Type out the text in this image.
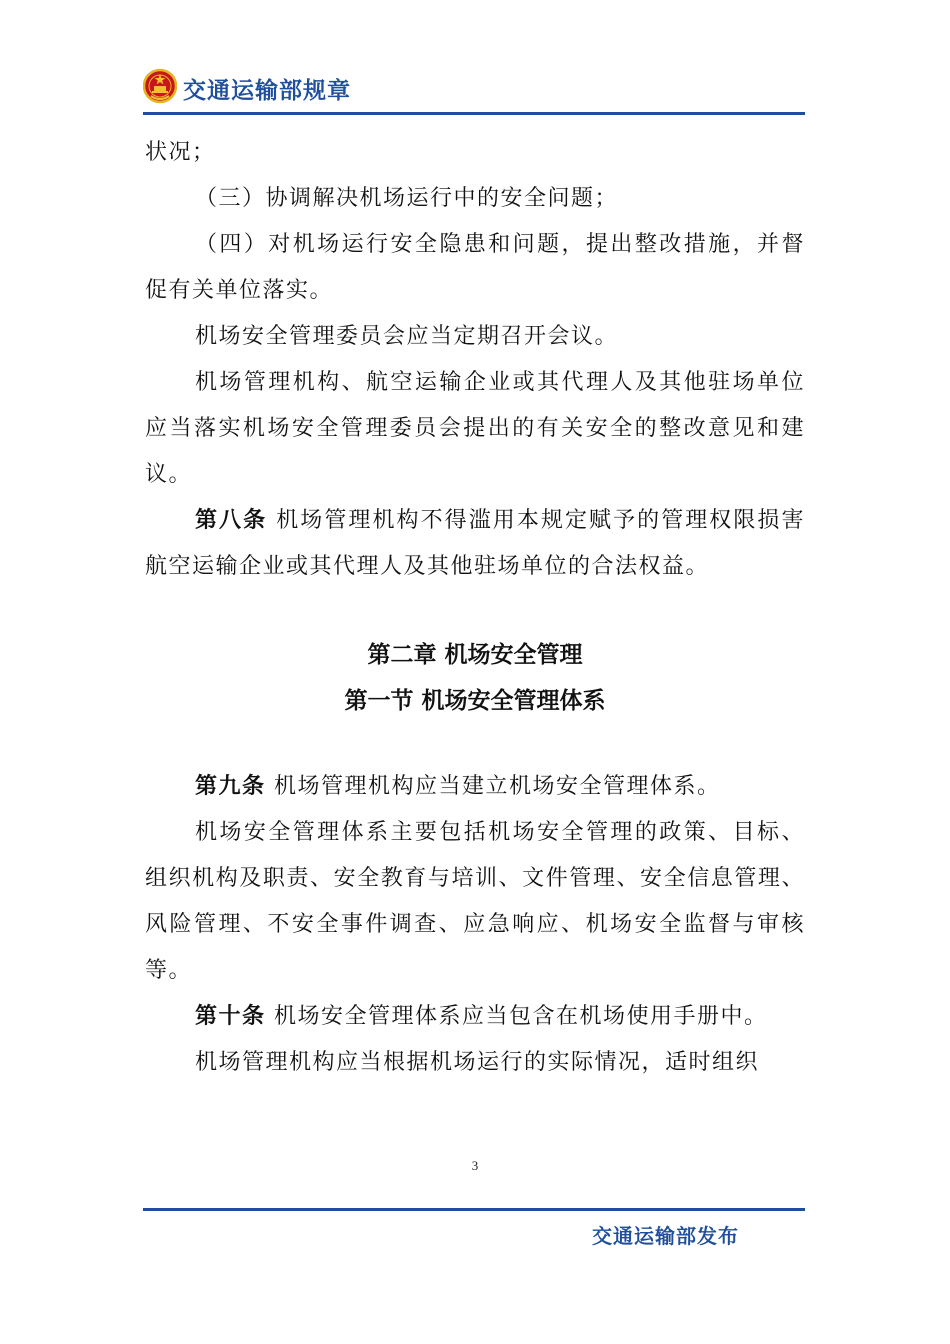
交通运输部规章

状况；

（三）协调解决机场运行中的安全问题；

（四）对机场运行安全隐患和问题，提出整改措施，并督促有关单位落实。

机场安全管理委员会应当定期召开会议。

机场管理机构、航空运输企业或其代理人及其他驻场单位应当落实机场安全管理委员会提出的有关安全的整改意见和建议。

第八条 机场管理机构不得滥用本规定赋予的管理权限损害航空运输企业或其代理人及其他驻场单位的合法权益。

第二章 机场安全管理

第一节 机场安全管理体系

第九条 机场管理机构应当建立机场安全管理体系。

机场安全管理体系主要包括机场安全管理的政策、目标、组织机构及职责、安全教育与培训、文件管理、安全信息管理、风险管理、不安全事件调查、应急响应、机场安全监督与审核等。

第十条 机场安全管理体系应当包含在机场使用手册中。

机场管理机构应当根据机场运行的实际情况，适时组织

3
交通运输部发布
